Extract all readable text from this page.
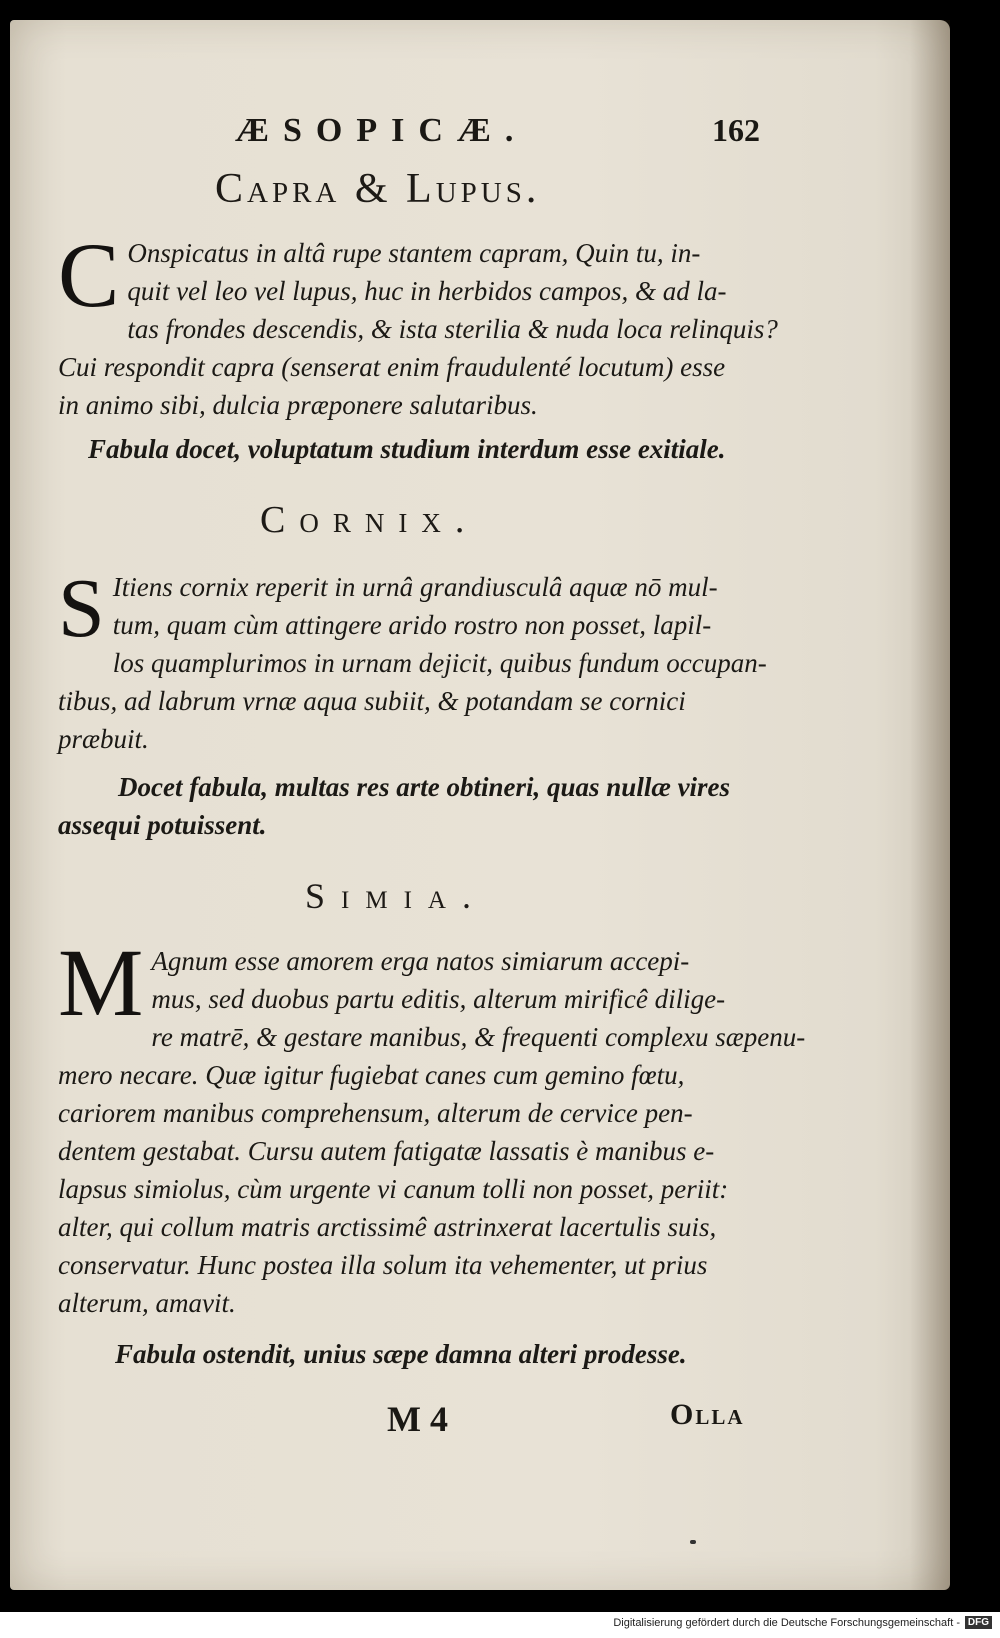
ÆSOPICÆ.	162
Capra & Lupus.
C Onspicatus in altâ rupe stantem capram, Quin tu, in-
quit vel leo vel lupus, huc in herbidos campos, & ad la-
tas frondes descendis, & ista sterilia & nuda loca relinquis?
Cui respondit capra (senserat enim fraudulenté locutum) esse
in animo sibi, dulcia præponere salutaribus.
Fabula docet, voluptatum studium interdum esse exitiale.
Cornix.
S Itiens cornix reperit in urnâ grandiusculâ aquæ nō mul-
tum, quam cùm attingere arido rostro non posset, lapil-
los quamplurimos in urnam dejicit, quibus fundum occupan-
tibus, ad labrum vrnæ aqua subiit, & potandam se cornici
præbuit.
Docet fabula, multas res arte obtineri, quas nullæ vires
assequi potuissent.
Simia.
M Agnum esse amorem erga natos simiarum accepi-
mus, sed duobus partu editis, alterum mirificê dilige-
re matrē, & gestare manibus, & frequenti complexu sæpenu-
mero necare. Quæ igitur fugiebat canes cum gemino fœtu,
cariorem manibus comprehensum, alterum de cervice pen-
dentem gestabat. Cursu autem fatigatæ lassatis è manibus e-
lapsus simiolus, cùm urgente vi canum tolli non posset, periit:
alter, qui collum matris arctissimê astrinxerat lacertulis suis,
conservatur. Hunc postea illa solum ita vehementer, ut prius
alterum, amavit.
Fabula ostendit, unius sæpe damna alteri prodesse.
M 4	Olla
Digitalisierung gefördert durch die Deutsche Forschungsgemeinschaft - DFG
